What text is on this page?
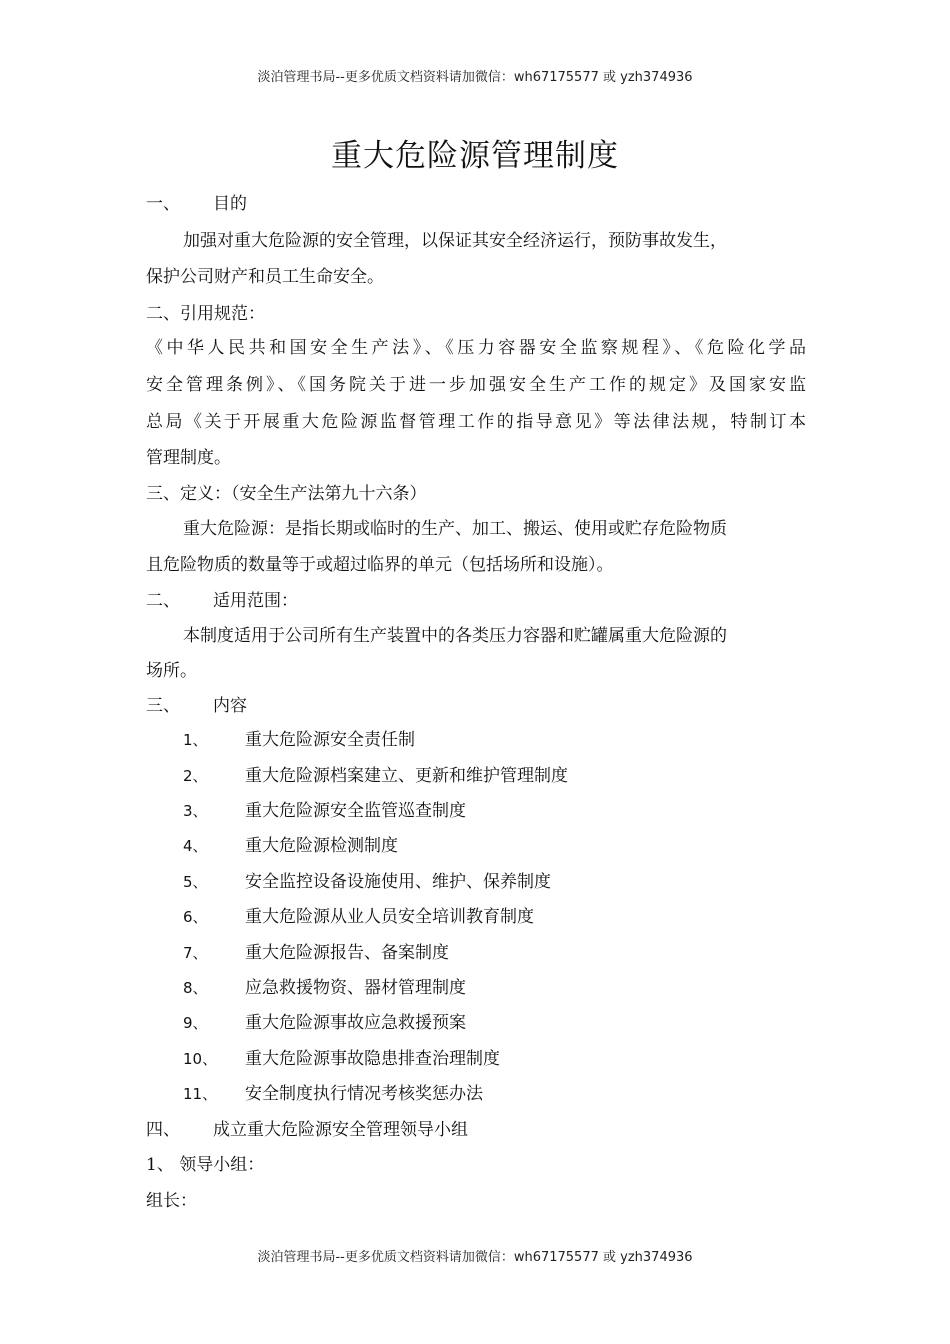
淡泊管理书局--更多优质文档资料请加微信：wh67175577 或 yzh374936
重大危险源管理制度
一、 目的
加强对重大危险源的安全管理，以保证其安全经济运行，预防事故发生，
保护公司财产和员工生命安全。
二、引用规范：
《中华人民共和国安全生产法》、《压力容器安全监察规程》、《危险化学品
安全管理条例》、《国务院关于进一步加强安全生产工作的规定》及国家安监
总局《关于开展重大危险源监督管理工作的指导意见》等法律法规，特制订本
管理制度。
三、定义：（安全生产法第九十六条）
重大危险源：是指长期或临时的生产、加工、搬运、使用或贮存危险物质
且危险物质的数量等于或超过临界的单元（包括场所和设施）。
二、 适用范围：
本制度适用于公司所有生产装置中的各类压力容器和贮罐属重大危险源的
场所。
三、 内容
1、 重大危险源安全责任制
2、 重大危险源档案建立、更新和维护管理制度
3、 重大危险源安全监管巡查制度
4、 重大危险源检测制度
5、 安全监控设备设施使用、维护、保养制度
6、 重大危险源从业人员安全培训教育制度
7、 重大危险源报告、备案制度
8、 应急救援物资、器材管理制度
9、 重大危险源事故应急救援预案
10、 重大危险源事故隐患排查治理制度
11、 安全制度执行情况考核奖惩办法
四、 成立重大危险源安全管理领导小组
1、 领导小组：
组长：
淡泊管理书局--更多优质文档资料请加微信：wh67175577 或 yzh374936
